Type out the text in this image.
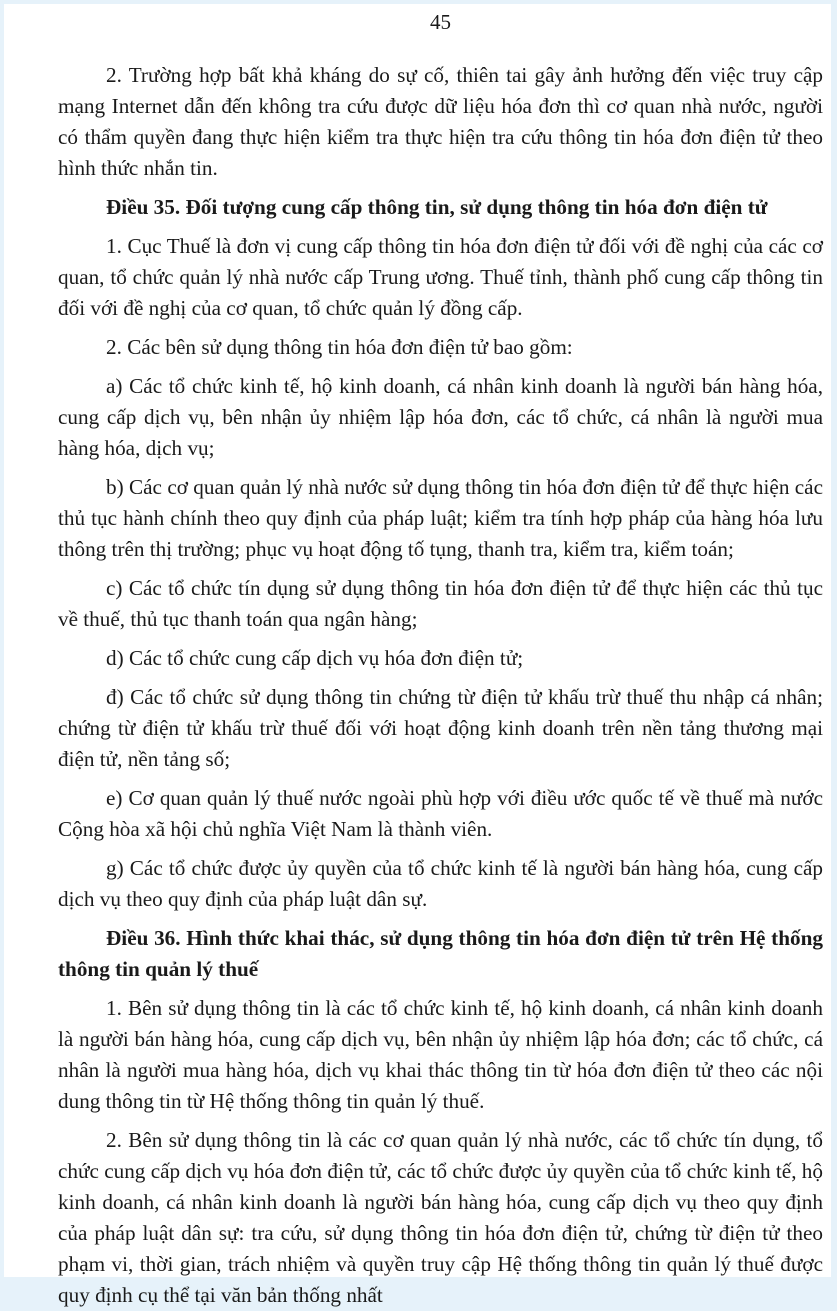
45

2. Trường hợp bất khả kháng do sự cố, thiên tai gây ảnh hưởng đến việc truy cập mạng Internet dẫn đến không tra cứu được dữ liệu hóa đơn thì cơ quan nhà nước, người có thẩm quyền đang thực hiện kiểm tra thực hiện tra cứu thông tin hóa đơn điện tử theo hình thức nhắn tin.

Điều 35. Đối tượng cung cấp thông tin, sử dụng thông tin hóa đơn điện tử

1. Cục Thuế là đơn vị cung cấp thông tin hóa đơn điện tử đối với đề nghị của các cơ quan, tổ chức quản lý nhà nước cấp Trung ương. Thuế tỉnh, thành phố cung cấp thông tin đối với đề nghị của cơ quan, tổ chức quản lý đồng cấp.

2. Các bên sử dụng thông tin hóa đơn điện tử bao gồm:

a) Các tổ chức kinh tế, hộ kinh doanh, cá nhân kinh doanh là người bán hàng hóa, cung cấp dịch vụ, bên nhận ủy nhiệm lập hóa đơn, các tổ chức, cá nhân là người mua hàng hóa, dịch vụ;

b) Các cơ quan quản lý nhà nước sử dụng thông tin hóa đơn điện tử để thực hiện các thủ tục hành chính theo quy định của pháp luật; kiểm tra tính hợp pháp của hàng hóa lưu thông trên thị trường; phục vụ hoạt động tố tụng, thanh tra, kiểm tra, kiểm toán;

c) Các tổ chức tín dụng sử dụng thông tin hóa đơn điện tử để thực hiện các thủ tục về thuế, thủ tục thanh toán qua ngân hàng;

d) Các tổ chức cung cấp dịch vụ hóa đơn điện tử;

đ) Các tổ chức sử dụng thông tin chứng từ điện tử khấu trừ thuế thu nhập cá nhân; chứng từ điện tử khấu trừ thuế đối với hoạt động kinh doanh trên nền tảng thương mại điện tử, nền tảng số;

e) Cơ quan quản lý thuế nước ngoài phù hợp với điều ước quốc tế về thuế mà nước Cộng hòa xã hội chủ nghĩa Việt Nam là thành viên.

g) Các tổ chức được ủy quyền của tổ chức kinh tế là người bán hàng hóa, cung cấp dịch vụ theo quy định của pháp luật dân sự.

Điều 36. Hình thức khai thác, sử dụng thông tin hóa đơn điện tử trên Hệ thống thông tin quản lý thuế

1. Bên sử dụng thông tin là các tổ chức kinh tế, hộ kinh doanh, cá nhân kinh doanh là người bán hàng hóa, cung cấp dịch vụ, bên nhận ủy nhiệm lập hóa đơn; các tổ chức, cá nhân là người mua hàng hóa, dịch vụ khai thác thông tin từ hóa đơn điện tử theo các nội dung thông tin từ Hệ thống thông tin quản lý thuế.

2. Bên sử dụng thông tin là các cơ quan quản lý nhà nước, các tổ chức tín dụng, tổ chức cung cấp dịch vụ hóa đơn điện tử, các tổ chức được ủy quyền của tổ chức kinh tế, hộ kinh doanh, cá nhân kinh doanh là người bán hàng hóa, cung cấp dịch vụ theo quy định của pháp luật dân sự: tra cứu, sử dụng thông tin hóa đơn điện tử, chứng từ điện tử theo phạm vi, thời gian, trách nhiệm và quyền truy cập Hệ thống thông tin quản lý thuế được quy định cụ thể tại văn bản thống nhất
